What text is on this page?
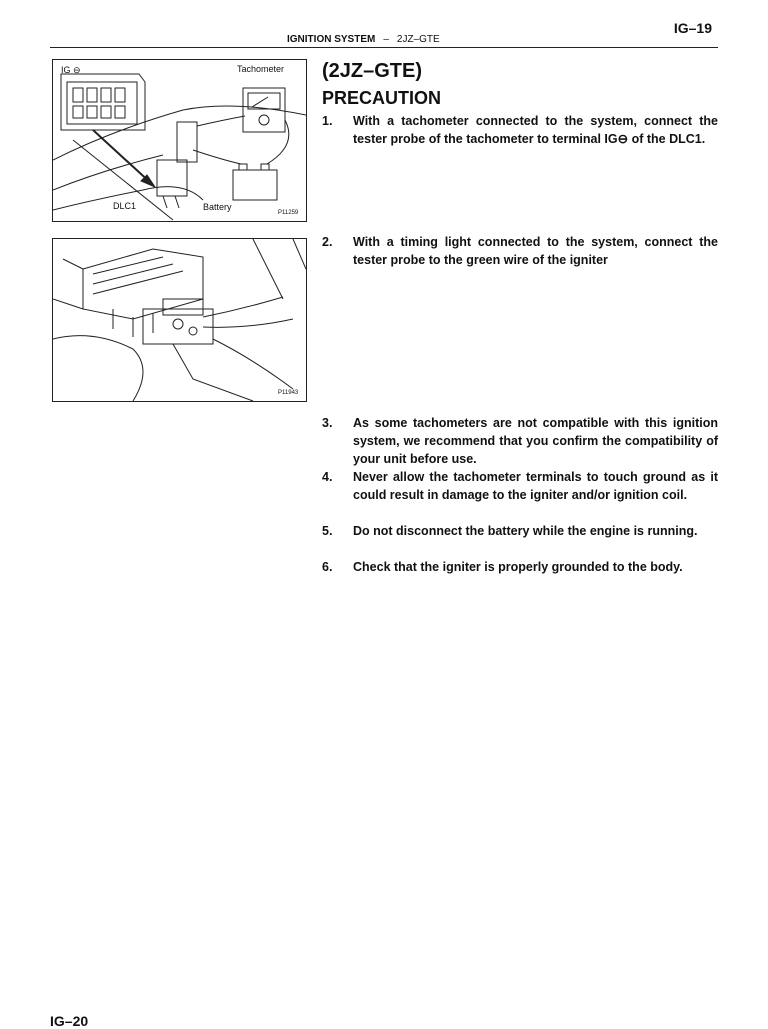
IG–19
IGNITION SYSTEM – 2JZ–GTE
IG ⊖	Tachometer
DLC1	Battery
P11259
P11943
(2JZ–GTE)
PRECAUTION
1. With a tachometer connected to the system, connect the tester probe of the tachometer to terminal IG⊖ of the DLC1.
2. With a timing light connected to the system, connect the tester probe to the green wire of the igniter
3. As some tachometers are not compatible with this ignition system, we recommend that you confirm the compatibility of your unit before use.
4. Never allow the tachometer terminals to touch ground as it could result in damage to the igniter and/or ignition coil.
5. Do not disconnect the battery while the engine is running.
6. Check that the igniter is properly grounded to the body.
IG–20
